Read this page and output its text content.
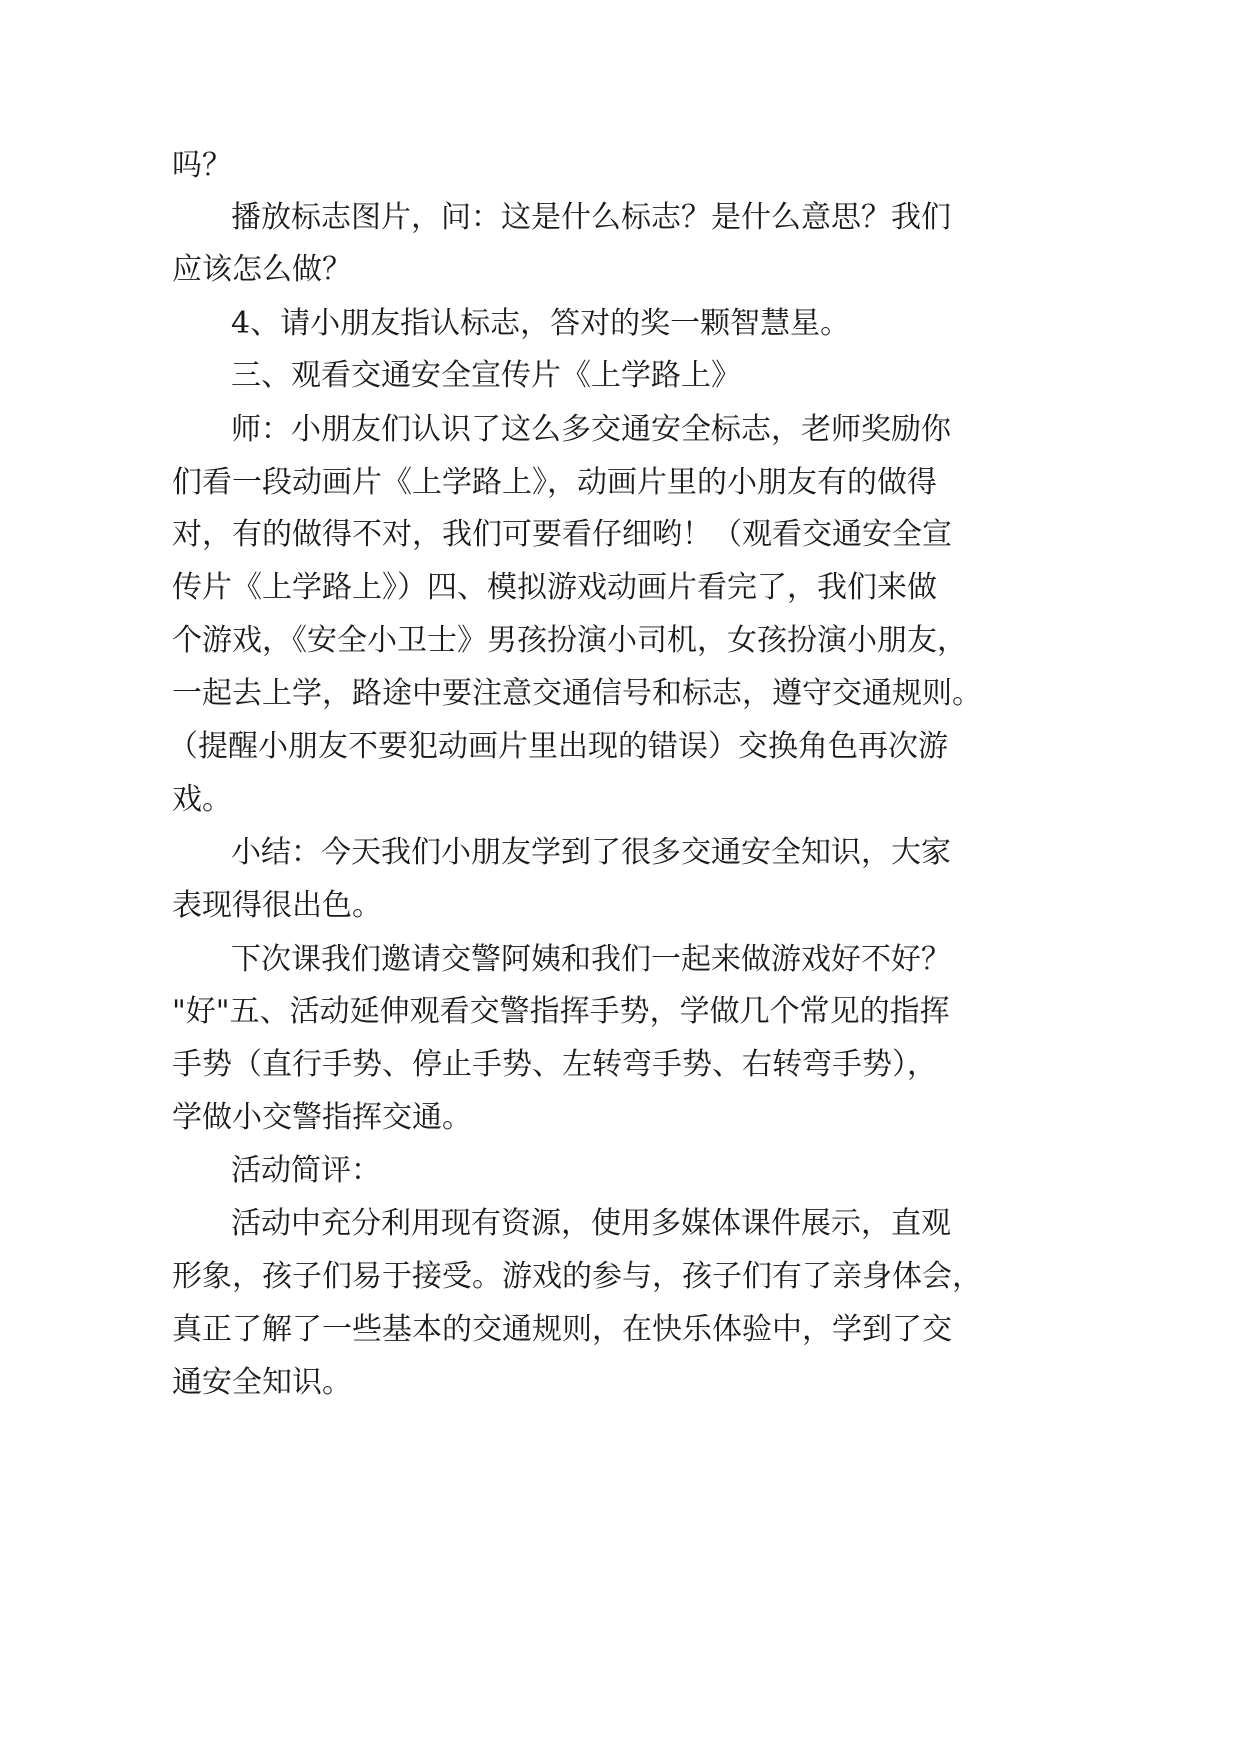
吗？
播放标志图片，问：这是什么标志？是什么意思？我们
应该怎么做？
4、请小朋友指认标志，答对的奖一颗智慧星。
三、观看交通安全宣传片《上学路上》
师：小朋友们认识了这么多交通安全标志，老师奖励你
们看一段动画片《上学路上》，动画片里的小朋友有的做得
对，有的做得不对，我们可要看仔细哟！（观看交通安全宣
传片《上学路上》）四、模拟游戏动画片看完了，我们来做
个游戏，《安全小卫士》男孩扮演小司机，女孩扮演小朋友，
一起去上学，路途中要注意交通信号和标志，遵守交通规则。
（提醒小朋友不要犯动画片里出现的错误）交换角色再次游
戏。
小结：今天我们小朋友学到了很多交通安全知识，大家
表现得很出色。
下次课我们邀请交警阿姨和我们一起来做游戏好不好？
"好"五、活动延伸观看交警指挥手势，学做几个常见的指挥
手势（直行手势、停止手势、左转弯手势、右转弯手势），
学做小交警指挥交通。
活动简评：
活动中充分利用现有资源，使用多媒体课件展示，直观
形象，孩子们易于接受。游戏的参与，孩子们有了亲身体会，
真正了解了一些基本的交通规则，在快乐体验中，学到了交
通安全知识。
